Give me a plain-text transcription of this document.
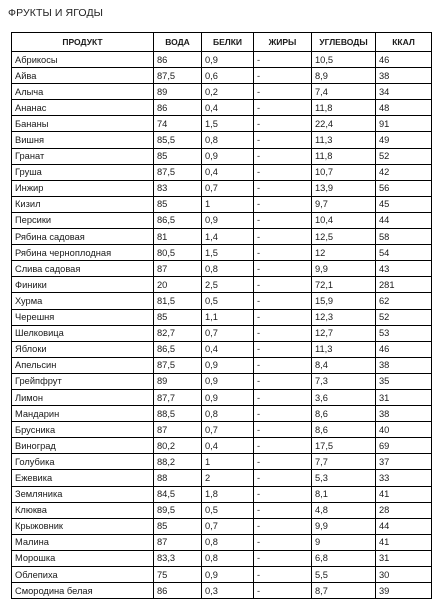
ФРУКТЫ И ЯГОДЫ
ПРОДУКТ	ВОДА	БЕЛКИ	ЖИРЫ	УГЛЕВОДЫ	ККАЛ
Абрикосы	86	0,9	-	10,5	46
Айва	87,5	0,6	-	8,9	38
Алыча	89	0,2	-	7,4	34
Ананас	86	0,4	-	11,8	48
Бананы	74	1,5	-	22,4	91
Вишня	85,5	0,8	-	11,3	49
Гранат	85	0,9	-	11,8	52
Груша	87,5	0,4	-	10,7	42
Инжир	83	0,7	-	13,9	56
Кизил	85	1	-	9,7	45
Персики	86,5	0,9	-	10,4	44
Рябина садовая	81	1,4	-	12,5	58
Рябина черноплодная	80,5	1,5	-	12	54
Слива садовая	87	0,8	-	9,9	43
Финики	20	2,5	-	72,1	281
Хурма	81,5	0,5	-	15,9	62
Черешня	85	1,1	-	12,3	52
Шелковица	82,7	0,7	-	12,7	53
Яблоки	86,5	0,4	-	11,3	46
Апельсин	87,5	0,9	-	8,4	38
Грейпфрут	89	0,9	-	7,3	35
Лимон	87,7	0,9	-	3,6	31
Мандарин	88,5	0,8	-	8,6	38
Брусника	87	0,7	-	8,6	40
Виноград	80,2	0,4	-	17,5	69
Голубика	88,2	1	-	7,7	37
Ежевика	88	2	-	5,3	33
Земляника	84,5	1,8	-	8,1	41
Клюква	89,5	0,5	-	4,8	28
Крыжовник	85	0,7	-	9,9	44
Малина	87	0,8	-	9	41
Морошка	83,3	0,8	-	6,8	31
Облепиха	75	0,9	-	5,5	30
Смородина белая	86	0,3	-	8,7	39
